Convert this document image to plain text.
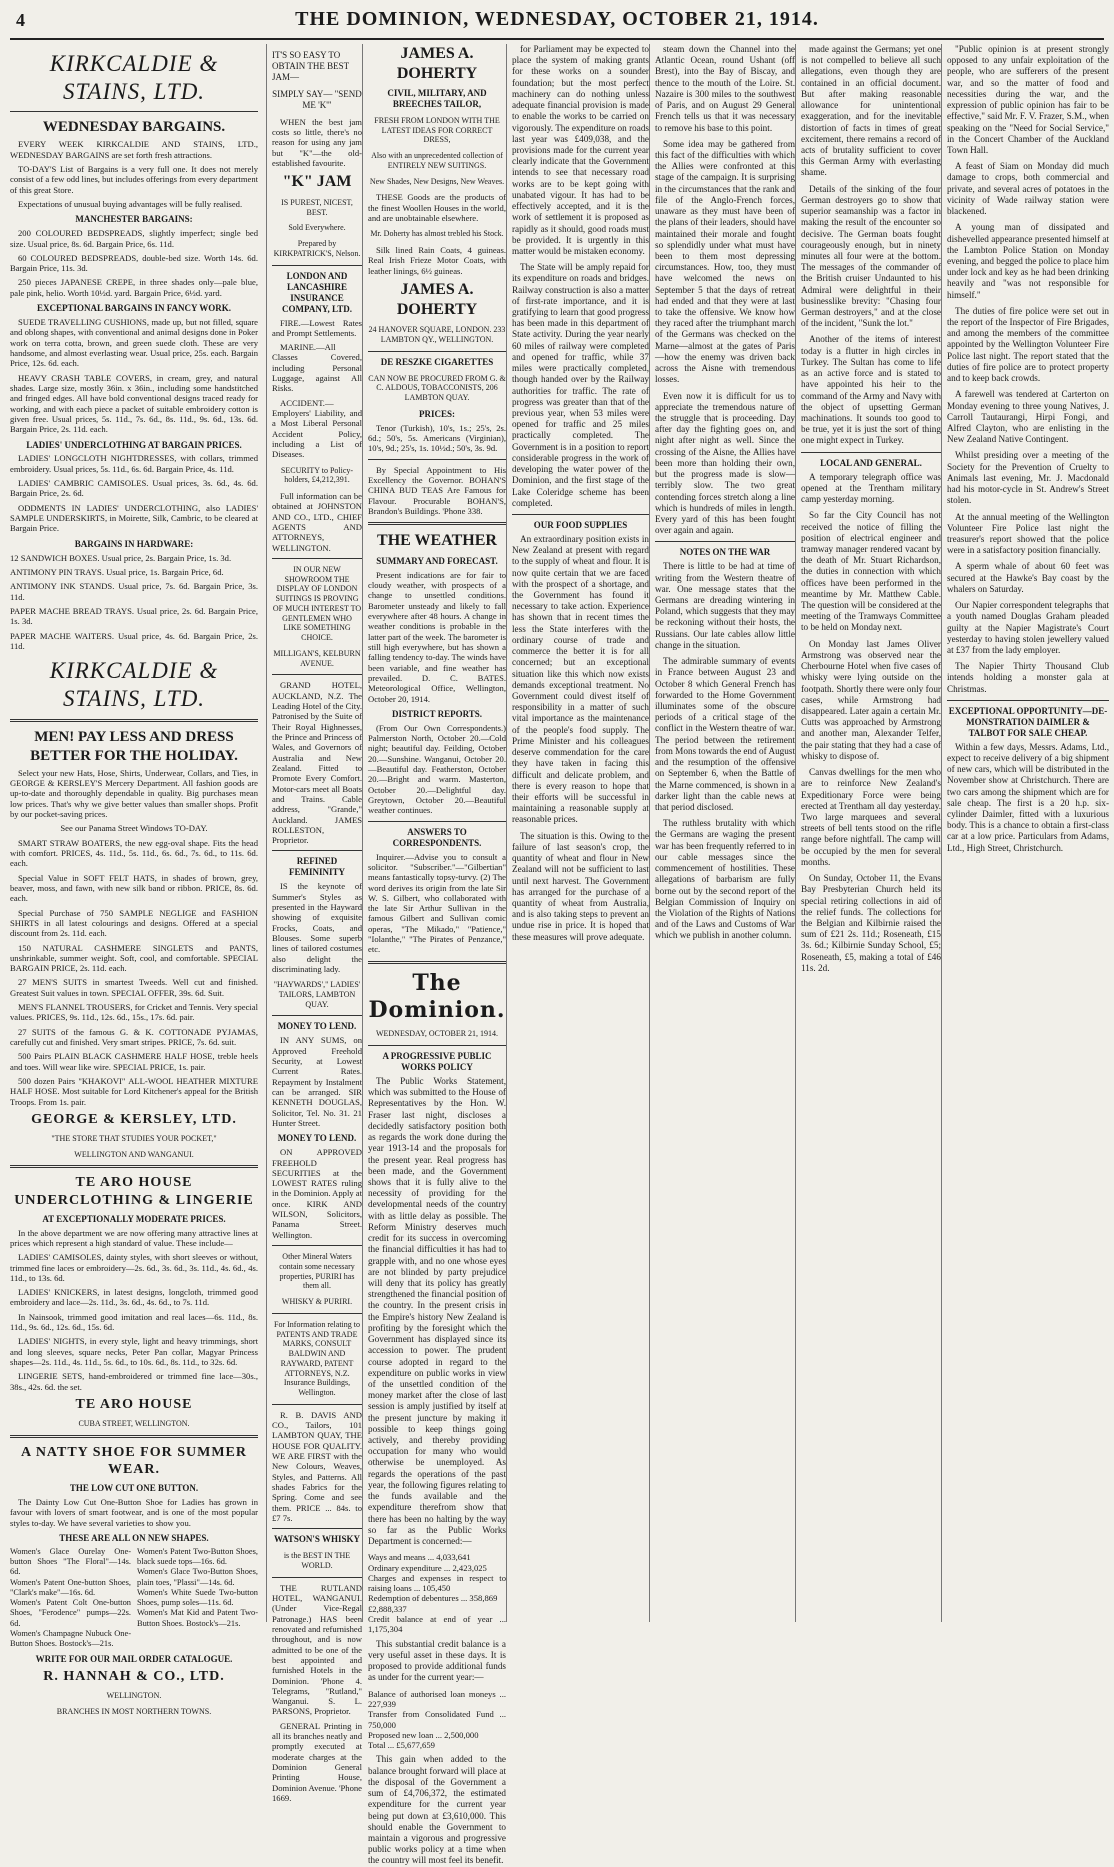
4	THE DOMINION, WEDNESDAY, OCTOBER 21, 1914.
KIRKCALDIE & STAINS, LTD.
WEDNESDAY BARGAINS.

EVERY WEEK KIRKCALDIE AND STAINS, LTD., WEDNESDAY BARGAINS are set forth fresh attractions.

TO-DAY'S List of Bargains is a very full one. It does not merely consist of a few odd lines, but includes offerings from every department of this great Store.

Expectations of unusual buying advantages will be fully realised.

MANCHESTER BARGAINS:

200 COLOURED BEDSPREADS, slightly imperfect; single bed size. Usual price, 8s. 6d. Bargain Price, 6s. 11d.

60 COLOURED BEDSPREADS, double-bed size. Worth 14s. 6d. Bargain Price, 11s. 3d.

250 pieces JAPANESE CREPE, in three shades only—pale blue, pale pink, helio. Worth 10½d. yard. Bargain Price, 6½d. yard.

EXCEPTIONAL BARGAINS IN FANCY WORK.

SUEDE TRAVELLING CUSHIONS, made up, but not filled, square and oblong shapes, with conventional and animal designs done in Poker work on terra cotta, brown, and green suede cloth. These are very handsome, and almost everlasting wear. Usual price, 25s. each. Bargain Price, 12s. 6d. each.

HEAVY CRASH TABLE COVERS, in cream, grey, and natural shades. Large size, mostly 36in. x 36in., including some handstitched and fringed edges. All have bold conventional designs traced ready for working, and with each piece a packet of suitable embroidery cotton is given free. Usual prices, 5s. 11d., 7s. 6d., 8s. 11d., 9s. 6d., 13s. 6d. Bargain Price, 2s. 11d. each.

LADIES' UNDERCLOTHING AT BARGAIN PRICES.

LADIES' LONGCLOTH NIGHTDRESSES, with collars, trimmed embroidery. Usual prices, 5s. 11d., 6s. 6d. Bargain Price, 4s. 11d.

LADIES' CAMBRIC CAMISOLES. Usual prices, 3s. 6d., 4s. 6d. Bargain Price, 2s. 6d.

ODDMENTS IN LADIES' UNDERCLOTHING, also LADIES' SAMPLE UNDERSKIRTS, in Moirette, Silk, Cambric, to be cleared at Bargain Price.

BARGAINS IN HARDWARE:
12 SANDWICH BOXES. Usual price, 2s. Bargain Price, 1s. 3d.
ANTIMONY PIN TRAYS. Usual price, 1s. Bargain Price, 6d.
ANTIMONY INK STANDS. Usual price, 7s. 6d. Bargain Price, 3s. 11d.
PAPER MACHE BREAD TRAYS. Usual price, 2s. 6d. Bargain Price, 1s. 3d.
PAPER MACHE WAITERS. Usual price, 4s. 6d. Bargain Price, 2s. 11d.
KIRKCALDIE & STAINS, LTD.
MEN! PAY LESS AND DRESS BETTER FOR THE HOLIDAY.

Select your new Hats, Hose, Shirts, Underwear, Collars, and Ties, in GEORGE & KERSLEY'S Mercery Department. All fashion goods are up-to-date and thoroughly dependable in quality. Big purchases mean low prices. That's why we give better values than smaller shops. Profit by our pocket-saving prices.

See our Panama Street Windows TO-DAY.

SMART STRAW BOATERS, the new egg-oval shape. Fits the head with comfort. PRICES, 4s. 11d., 5s. 11d., 6s. 6d., 7s. 6d., to 11s. 6d. each.

Special Value in SOFT FELT HATS, in shades of brown, grey, beaver, moss, and fawn, with new silk band or ribbon. PRICE, 8s. 6d. each.

Special Purchase of 750 SAMPLE NEGLIGE and FASHION SHIRTS in all latest colourings and designs. Offered at a special discount from 2s. 11d. each.

150 NATURAL CASHMERE SINGLETS and PANTS, unshrinkable, summer weight. Soft, cool, and comfortable. SPECIAL BARGAIN PRICE, 2s. 11d. each.

27 MEN'S SUITS in smartest Tweeds. Well cut and finished. Greatest Suit values in town. SPECIAL OFFER, 39s. 6d. Suit.

MEN'S FLANNEL TROUSERS, for Cricket and Tennis. Very special values. PRICES, 9s. 11d., 12s. 6d., 15s., 17s. 6d. pair.

27 SUITS of the famous G. & K. COTTONADE PYJAMAS, carefully cut and finished. Very smart stripes. PRICE, 7s. 6d. suit.

500 Pairs PLAIN BLACK CASHMERE HALF HOSE, treble heels and toes. Will wear like wire. SPECIAL PRICE, 1s. pair.

500 dozen Pairs "KHAKOVI" ALL-WOOL HEATHER MIXTURE HALF HOSE. Most suitable for Lord Kitchener's appeal for the British Troops. From 1s. pair.

GEORGE & KERSLEY, LTD.
"THE STORE THAT STUDIES YOUR POCKET,"
WELLINGTON AND WANGANUI.
TE ARO HOUSE
UNDERCLOTHING & LINGERIE
AT EXCEPTIONALLY MODERATE PRICES.

In the above department we are now offering many attractive lines at prices which represent a high standard of value. These include—

LADIES' CAMISOLES, dainty styles, with short sleeves or without, trimmed fine laces or embroidery—2s. 6d., 3s. 6d., 3s. 11d., 4s. 6d., 4s. 11d., to 13s. 6d.

LADIES' KNICKERS, in latest designs, longcloth, trimmed good embroidery and lace—2s. 11d., 3s. 6d., 4s. 6d., to 7s. 11d.

In Nainsook, trimmed good imitation and real laces—6s. 11d., 8s. 11d., 9s. 6d., 12s. 6d., 15s. 6d.

LADIES' NIGHTS, in every style, light and heavy trimmings, short and long sleeves, square necks, Peter Pan collar, Magyar Princess shapes—2s. 11d., 4s. 11d., 5s. 6d., to 10s. 6d., 8s. 11d., to 32s. 6d.

LINGERIE SETS, hand-embroidered or trimmed fine lace—30s., 38s., 42s. 6d. the set.

TE ARO HOUSE
CUBA STREET, WELLINGTON.
A NATTY SHOE FOR SUMMER WEAR.
THE LOW CUT ONE BUTTON.

The Dainty Low Cut One-Button Shoe for Ladies has grown in favour with lovers of smart footwear, and is one of the most popular styles to-day. We have several varieties to show you.

THESE ARE ALL ON NEW SHAPES.
Women's Glace Ourelay One-button Shoes "The Floral"—14s. 6d.
Women's Patent One-button Shoes, "Clark's make"—16s. 6d.
Women's Patent Colt One-button Shoes, "Ferodence" pumps—22s. 6d.
Women's Champagne Nubuck One-Button Shoes. Bostock's—21s.
Women's Patent Two-Button Shoes, black suede tops—16s. 6d.
Women's Glace Two-Button Shoes, plain toes, "Plassi"—14s. 6d.
Women's White Suede Two-button Shoes, pump soles—11s. 6d.
Women's Mat Kid and Patent Two-Button Shoes. Bostock's—21s.
WRITE FOR OUR MAIL ORDER CATALOGUE.
R. HANNAH & CO., LTD.
WELLINGTON.
BRANCHES IN MOST NORTHERN TOWNS.
IT'S SO EASY TO OBTAIN THE BEST JAM—
SIMPLY SAY— "SEND ME 'K'"

WHEN the best jam costs so little, there's no reason for using any jam but "K"—the old-established favourite.

"K" JAM
IS PUREST, NICEST, BEST.
Sold Everywhere.
Prepared by KIRKPATRICK'S, Nelson.
LONDON AND LANCASHIRE INSURANCE COMPANY, LTD.

FIRE.—Lowest Rates and Prompt Settlements.

MARINE.—All Classes Covered, including Personal Luggage, against All Risks.

ACCIDENT.—Employers' Liability, and a Most Liberal Personal Accident Policy, including a List of Diseases.

SECURITY to Policy-holders, £4,212,391.

Full information can be obtained at JOHNSTON AND CO., LTD., CHIEF AGENTS AND ATTORNEYS, WELLINGTON.

IN OUR NEW SHOWROOM THE DISPLAY OF LONDON SUITINGS IS PROVING OF MUCH INTEREST TO GENTLEMEN WHO LIKE SOMETHING CHOICE.
MILLIGAN'S, KELBURN AVENUE.

GRAND HOTEL, AUCKLAND, N.Z. The Leading Hotel of the City. Patronised by the Suite of Their Royal Highnesses, the Prince and Princess of Wales, and Governors of Australia and New Zealand. Fitted to Promote Every Comfort. Motor-cars meet all Boats and Trains. Cable address, "Grande," Auckland. JAMES ROLLESTON, Proprietor.

REFINED FEMININITY

IS the keynote of Summer's Styles as presented in the Hayward showing of exquisite Frocks, Coats, and Blouses. Some superb lines of tailored costumes also delight the discriminating lady.

"HAYWARDS'," LADIES' TAILORS, LAMBTON QUAY.
MONEY TO LEND.

IN ANY SUMS, on Approved Freehold Security, at Lowest Current Rates. Repayment by Instalment can be arranged. SIR KENNETH DOUGLAS, Solicitor, Tel. No. 31. 21 Hunter Street.

MONEY TO LEND.

ON APPROVED FREEHOLD SECURITIES at the LOWEST RATES ruling in the Dominion. Apply at once. KIRK AND WILSON, Solicitors, Panama Street. Wellington.

Other Mineral Waters contain some necessary properties, PURIRI has them all.
WHISKY & PURIRI.
For Information relating to PATENTS AND TRADE MARKS, CONSULT BALDWIN AND RAYWARD, PATENT ATTORNEYS, N.Z. Insurance Buildings, Wellington.

R. B. DAVIS AND CO., Tailors, 101 LAMBTON QUAY, THE HOUSE FOR QUALITY. WE ARE FIRST with the New Colours, Weaves, Styles, and Patterns. All shades Fabrics for the Spring. Come and see them. PRICE ... 84s. to £7 7s.

WATSON'S WHISKY
is the BEST IN THE WORLD.

THE RUTLAND HOTEL, WANGANUI. (Under Vice-Regal Patronage.) HAS been renovated and refurnished throughout, and is now admitted to be one of the best appointed and furnished Hotels in the Dominion. 'Phone 4. Telegrams, "Rutland," Wanganui. S. L. PARSONS, Proprietor.

GENERAL Printing in all its branches neatly and promptly executed at moderate charges at the Dominion General Printing House, Dominion Avenue. 'Phone 1669.

JAMES A. DOHERTY
CIVIL, MILITARY, AND BREECHES TAILOR,
FRESH FROM LONDON WITH THE LATEST IDEAS FOR CORRECT DRESS,
Also with an unprecedented collection of ENTIRELY NEW SUITINGS.
New Shades, New Designs, New Weaves.

THESE Goods are the products of the finest Woollen Houses in the world, and are unobtainable elsewhere.

Mr. Doherty has almost trebled his Stock.

Silk lined Rain Coats, 4 guineas. Real Irish Frieze Motor Coats, with leather linings, 6½ guineas.

JAMES A. DOHERTY
24 HANOVER SQUARE, LONDON. 233 LAMBTON QY., WELLINGTON.
DE RESZKE CIGARETTES
CAN NOW BE PROCURED FROM G. & C. ALDOUS, TOBACCONISTS, 206 LAMBTON QUAY.
PRICES:

Tenor (Turkish), 10's, 1s.; 25's, 2s. 6d.; 50's, 5s. Americans (Virginian), 10's, 9d.; 25's, 1s. 10½d.; 50's, 3s. 9d.

By Special Appointment to His Excellency the Governor. BOHAN'S CHINA BUD TEAS Are Famous for Flavour. Procurable BOHAN'S, Brandon's Buildings. 'Phone 338.

THE WEATHER
SUMMARY AND FORECAST.

Present indications are for fair to cloudy weather, with prospects of a change to unsettled conditions. Barometer unsteady and likely to fall everywhere after 48 hours. A change in weather conditions is probable in the latter part of the week. The barometer is still high everywhere, but has shown a falling tendency to-day. The winds have been variable, and fine weather has prevailed. D. C. BATES. Meteorological Office, Wellington, October 20, 1914.

DISTRICT REPORTS.

(From Our Own Correspondents.) Palmerston North, October 20.—Cold night; beautiful day. Feilding, October 20.—Sunshine. Wanganui, October 20.—Beautiful day. Featherston, October 20.—Bright and warm. Masterton, October 20.—Delightful day. Greytown, October 20.—Beautiful weather continues.

ANSWERS TO CORRESPONDENTS.

Inquirer.—Advise you to consult a solicitor. "Subscriber."—"Gilbertian" means fantastically topsy-turvy. (2) The word derives its origin from the late Sir W. S. Gilbert, who collaborated with the late Sir Arthur Sullivan in the famous Gilbert and Sullivan comic operas, "The Mikado," "Patience," "Iolanthe," "The Pirates of Penzance," etc.

The Dominion.
WEDNESDAY, OCTOBER 21, 1914.
A PROGRESSIVE PUBLIC WORKS POLICY

The Public Works Statement, which was submitted to the House of Representatives by the Hon. W. Fraser last night, discloses a decidedly satisfactory position both as regards the work done during the year 1913-14 and the proposals for the present year. Real progress has been made, and the Government shows that it is fully alive to the necessity of providing for the developmental needs of the country with as little delay as possible. The Reform Ministry deserves much credit for its success in overcoming the financial difficulties it has had to grapple with, and no one whose eyes are not blinded by party prejudice will deny that its policy has greatly strengthened the financial position of the country. In the present crisis in the Empire's history New Zealand is profiting by the foresight which the Government has displayed since its accession to power. The prudent course adopted in regard to the expenditure on public works in view of the unsettled condition of the money market after the close of last session is amply justified by itself at the present juncture by making it possible to keep things going actively, and thereby providing occupation for many who would otherwise be unemployed. As regards the operations of the past year, the following figures relating to the funds available and the expenditure therefrom show that there has been no halting by the way so far as the Public Works Department is concerned:—

Ways and means ... 4,033,641
Ordinary expenditure ... 2,423,025
Charges and expenses in respect to raising loans ... 105,450
Redemption of debentures ... 358,869
£2,888,337
Credit balance at end of year ... 1,175,304

This substantial credit balance is a very useful asset in these days. It is proposed to provide additional funds as under for the current year:—

Balance of authorised loan moneys ... 227,939
Transfer from Consolidated Fund ... 750,000
Proposed new loan ... 2,500,000
Total ... £5,677,659

This gain when added to the balance brought forward will place at the disposal of the Government a sum of £4,706,372, the estimated expenditure for the current year being put down at £3,610,000. This should enable the Government to maintain a vigorous and progressive public works policy at a time when the country will most feel its benefit.

for Parliament may be expected to place the system of making grants for these works on a sounder foundation; but the most perfect machinery can do nothing unless adequate financial provision is made to enable the works to be carried on vigorously. The expenditure on roads last year was £409,038, and the provisions made for the current year clearly indicate that the Government intends to see that necessary road works are to be kept going with unabated vigour. It has had to be effectively accepted, and it is the work of settlement it is proposed as rapidly as it should, good roads must be provided. It is urgently in this matter would be mistaken economy.

The State will be amply repaid for its expenditure on roads and bridges. Railway construction is also a matter of first-rate importance, and it is gratifying to learn that good progress has been made in this department of State activity. During the year nearly 60 miles of railway were completed and opened for traffic, while 37 miles were practically completed, though handed over by the Railway authorities for traffic. The rate of progress was greater than that of the previous year, when 53 miles were opened for traffic and 25 miles practically completed. The Government is in a position to report considerable progress in the work of developing the water power of the Dominion, and the first stage of the Lake Coleridge scheme has been completed.

OUR FOOD SUPPLIES

An extraordinary position exists in New Zealand at present with regard to the supply of wheat and flour. It is now quite certain that we are faced with the prospect of a shortage, and the Government has found it necessary to take action. Experience has shown that in recent times the less the State interferes with the ordinary course of trade and commerce the better it is for all concerned; but an exceptional situation like this which now exists demands exceptional treatment. No Government could divest itself of responsibility in a matter of such vital importance as the maintenance of the people's food supply. The Prime Minister and his colleagues deserve commendation for the care they have taken in facing this difficult and delicate problem, and there is every reason to hope that their efforts will be successful in maintaining a reasonable supply at reasonable prices.

The situation is this. Owing to the failure of last season's crop, the quantity of wheat and flour in New Zealand will not be sufficient to last until next harvest. The Government has arranged for the purchase of a quantity of wheat from Australia, and is also taking steps to prevent an undue rise in price. It is hoped that these measures will prove adequate.

steam down the Channel into the Atlantic Ocean, round Ushant (off Brest), into the Bay of Biscay, and thence to the mouth of the Loire. St. Nazaire is 300 miles to the southwest of Paris, and on August 29 General French tells us that it was necessary to remove his base to this point.

Some idea may be gathered from this fact of the difficulties with which the Allies were confronted at this stage of the campaign. It is surprising in the circumstances that the rank and file of the Anglo-French forces, unaware as they must have been of the plans of their leaders, should have maintained their morale and fought so splendidly under what must have been to them most depressing circumstances. How, too, they must have welcomed the news on September 5 that the days of retreat had ended and that they were at last to take the offensive. We know how they raced after the triumphant march of the Germans was checked on the Marne—almost at the gates of Paris—how the enemy was driven back across the Aisne with tremendous losses.

Even now it is difficult for us to appreciate the tremendous nature of the struggle that is proceeding. Day after day the fighting goes on, and night after night as well. Since the crossing of the Aisne, the Allies have been more than holding their own, but the progress made is slow—terribly slow. The two great contending forces stretch along a line which is hundreds of miles in length. Every yard of this has been fought over again and again.

NOTES ON THE WAR

There is little to be had at time of writing from the Western theatre of war. One message states that the Germans are dreading wintering in Poland, which suggests that they may be reckoning without their hosts, the Russians. Our late cables allow little change in the situation.

The admirable summary of events in France between August 23 and October 8 which General French has forwarded to the Home Government illuminates some of the obscure periods of a critical stage of the conflict in the Western theatre of war. The period between the retirement from Mons towards the end of August and the resumption of the offensive on September 6, when the Battle of the Marne commenced, is shown in a darker light than the cable news at that period disclosed.

The ruthless brutality with which the Germans are waging the present war has been frequently referred to in our cable messages since the commencement of hostilities. These allegations of barbarism are fully borne out by the second report of the Belgian Commission of Inquiry on the Violation of the Rights of Nations and of the Laws and Customs of War which we publish in another column.

made against the Germans; yet one is not compelled to believe all such allegations, even though they are contained in an official document. But after making reasonable allowance for unintentional exaggeration, and for the inevitable distortion of facts in times of great excitement, there remains a record of acts of brutality sufficient to cover this German Army with everlasting shame.

Details of the sinking of the four German destroyers go to show that superior seamanship was a factor in making the result of the encounter so decisive. The German boats fought courageously enough, but in ninety minutes all four were at the bottom. The messages of the commander of the British cruiser Undaunted to his Admiral were delightful in their businesslike brevity: "Chasing four German destroyers," and at the close of the incident, "Sunk the lot."

Another of the items of interest today is a flutter in high circles in Turkey. The Sultan has come to life as an active force and is stated to have appointed his heir to the command of the Army and Navy with the object of upsetting German machinations. It sounds too good to be true, yet it is just the sort of thing one might expect in Turkey.

LOCAL AND GENERAL.

A temporary telegraph office was opened at the Trentham military camp yesterday morning.

So far the City Council has not received the notice of filling the position of electrical engineer and tramway manager rendered vacant by the death of Mr. Stuart Richardson, the duties in connection with which offices have been performed in the meantime by Mr. Matthew Cable. The question will be considered at the meeting of the Tramways Committee to be held on Monday next.

On Monday last James Oliver Armstrong was observed near the Cherbourne Hotel when five cases of whisky were lying outside on the footpath. Shortly there were only four cases, while Armstrong had disappeared. Later again a certain Mr. Cutts was approached by Armstrong and another man, Alexander Telfer, the pair stating that they had a case of whisky to dispose of.

Canvas dwellings for the men who are to reinforce New Zealand's Expeditionary Force were being erected at Trentham all day yesterday. Two large marquees and several streets of bell tents stood on the rifle range before nightfall. The camp will be occupied by the men for several months.

On Sunday, October 11, the Evans Bay Presbyterian Church held its special retiring collections in aid of the relief funds. The collections for the Belgian and Kilbirnie raised the sum of £21 2s. 11d.; Roseneath, £15 3s. 6d.; Kilbirnie Sunday School, £5; Roseneath, £5, making a total of £46 11s. 2d.

"Public opinion is at present strongly opposed to any unfair exploitation of the people, who are sufferers of the present war, and so the matter of food and necessities during the war, and the expression of public opinion has fair to be effective," said Mr. F. V. Frazer, S.M., when speaking on the "Need for Social Service," in the Concert Chamber of the Auckland Town Hall.

A feast of Siam on Monday did much damage to crops, both commercial and private, and several acres of potatoes in the vicinity of Wade railway station were blackened.

A young man of dissipated and dishevelled appearance presented himself at the Lambton Police Station on Monday evening, and begged the police to place him under lock and key as he had been drinking heavily and "was not responsible for himself."

The duties of fire police were set out in the report of the Inspector of Fire Brigades, and among the members of the committee appointed by the Wellington Volunteer Fire Police last night. The report stated that the duties of fire police are to protect property and to keep back crowds.

A farewell was tendered at Carterton on Monday evening to three young Natives, J. Carroll Tautaurangi, Hirpi Fongi, and Alfred Clayton, who are enlisting in the New Zealand Native Contingent.

Whilst presiding over a meeting of the Society for the Prevention of Cruelty to Animals last evening, Mr. J. Macdonald had his motor-cycle in St. Andrew's Street stolen.

At the annual meeting of the Wellington Volunteer Fire Police last night the treasurer's report showed that the police were in a satisfactory position financially.

A sperm whale of about 60 feet was secured at the Hawke's Bay coast by the whalers on Saturday.

Our Napier correspondent telegraphs that a youth named Douglas Graham pleaded guilty at the Napier Magistrate's Court yesterday to having stolen jewellery valued at £37 from the lady employer.

The Napier Thirty Thousand Club intends holding a monster gala at Christmas.

EXCEPTIONAL OPPORTUNITY—DE-MONSTRATION DAIMLER & TALBOT FOR SALE CHEAP.

Within a few days, Messrs. Adams, Ltd., expect to receive delivery of a big shipment of new cars, which will be distributed in the November show at Christchurch. There are two cars among the shipment which are for sale cheap. The first is a 20 h.p. six-cylinder Daimler, fitted with a luxurious body. This is a chance to obtain a first-class car at a low price. Particulars from Adams, Ltd., High Street, Christchurch.
